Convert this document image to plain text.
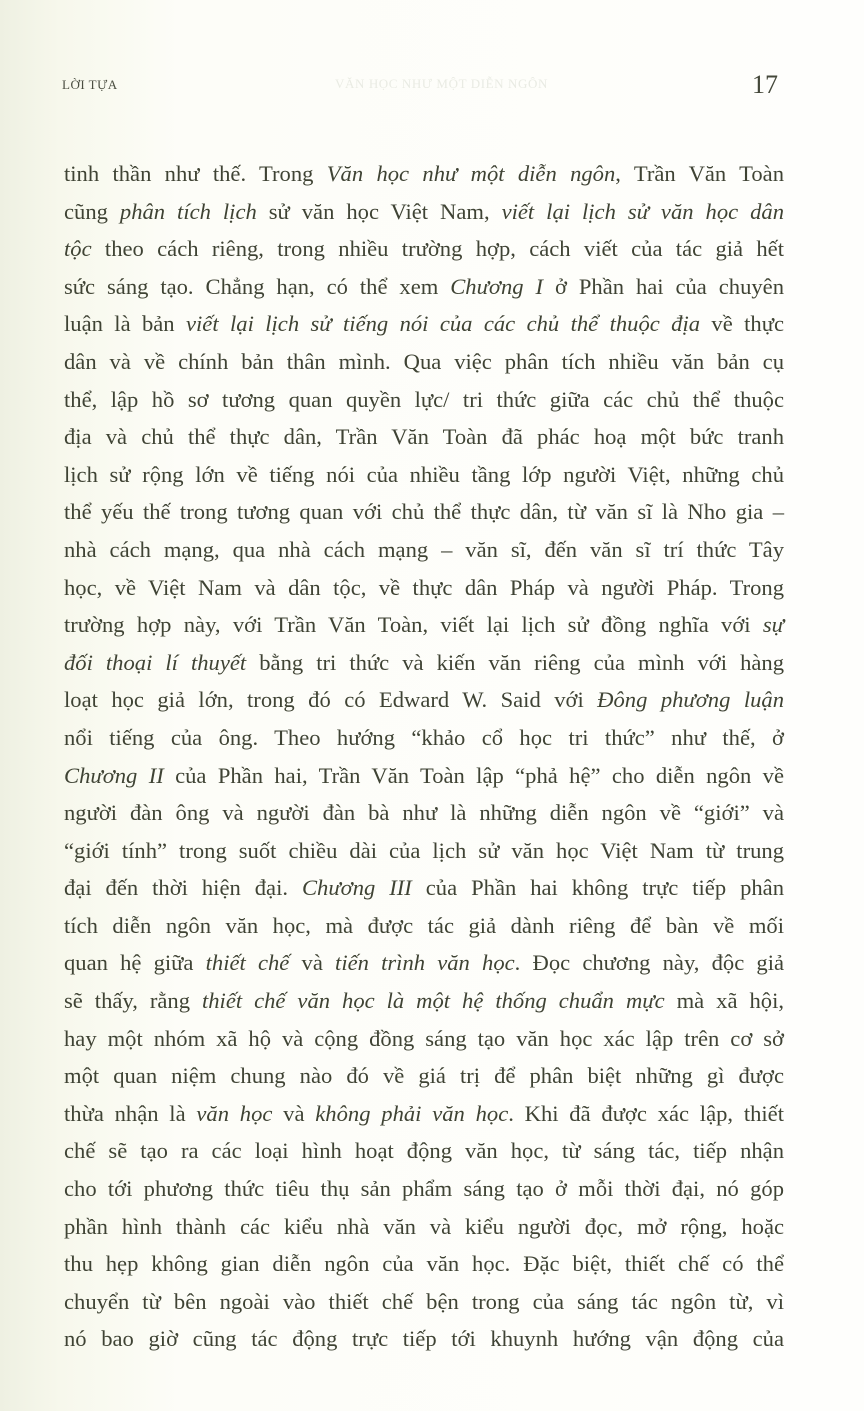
LỜI TỰA	VĂN HỌC NHƯ MỘT DIỄN NGÔN	17
tinh thần như thế. Trong Văn học như một diễn ngôn, Trần Văn Toàn
cũng phân tích lịch sử văn học Việt Nam, viết lại lịch sử văn học dân
tộc theo cách riêng, trong nhiều trường hợp, cách viết của tác giả hết
sức sáng tạo. Chẳng hạn, có thể xem Chương I ở Phần hai của chuyên
luận là bản viết lại lịch sử tiếng nói của các chủ thể thuộc địa về thực
dân và về chính bản thân mình. Qua việc phân tích nhiều văn bản cụ
thể, lập hồ sơ tương quan quyền lực/ tri thức giữa các chủ thể thuộc
địa và chủ thể thực dân, Trần Văn Toàn đã phác hoạ một bức tranh
lịch sử rộng lớn về tiếng nói của nhiều tầng lớp người Việt, những chủ
thể yếu thế trong tương quan với chủ thể thực dân, từ văn sĩ là Nho gia –
nhà cách mạng, qua nhà cách mạng – văn sĩ, đến văn sĩ trí thức Tây
học, về Việt Nam và dân tộc, về thực dân Pháp và người Pháp. Trong
trường hợp này, với Trần Văn Toàn, viết lại lịch sử đồng nghĩa với sự
đối thoại lí thuyết bằng tri thức và kiến văn riêng của mình với hàng
loạt học giả lớn, trong đó có Edward W. Said với Đông phương luận
nổi tiếng của ông. Theo hướng “khảo cổ học tri thức” như thế, ở
Chương II của Phần hai, Trần Văn Toàn lập “phả hệ” cho diễn ngôn về
người đàn ông và người đàn bà như là những diễn ngôn về “giới” và
“giới tính” trong suốt chiều dài của lịch sử văn học Việt Nam từ trung
đại đến thời hiện đại. Chương III của Phần hai không trực tiếp phân
tích diễn ngôn văn học, mà được tác giả dành riêng để bàn về mối
quan hệ giữa thiết chế và tiến trình văn học. Đọc chương này, độc giả
sẽ thấy, rằng thiết chế văn học là một hệ thống chuẩn mực mà xã hội,
hay một nhóm xã hộ và cộng đồng sáng tạo văn học xác lập trên cơ sở
một quan niệm chung nào đó về giá trị để phân biệt những gì được
thừa nhận là văn học và không phải văn học. Khi đã được xác lập, thiết
chế sẽ tạo ra các loại hình hoạt động văn học, từ sáng tác, tiếp nhận
cho tới phương thức tiêu thụ sản phẩm sáng tạo ở mỗi thời đại, nó góp
phần hình thành các kiểu nhà văn và kiểu người đọc, mở rộng, hoặc
thu hẹp không gian diễn ngôn của văn học. Đặc biệt, thiết chế có thể
chuyển từ bên ngoài vào thiết chế bện trong của sáng tác ngôn từ, vì
nó bao giờ cũng tác động trực tiếp tới khuynh hướng vận động của
